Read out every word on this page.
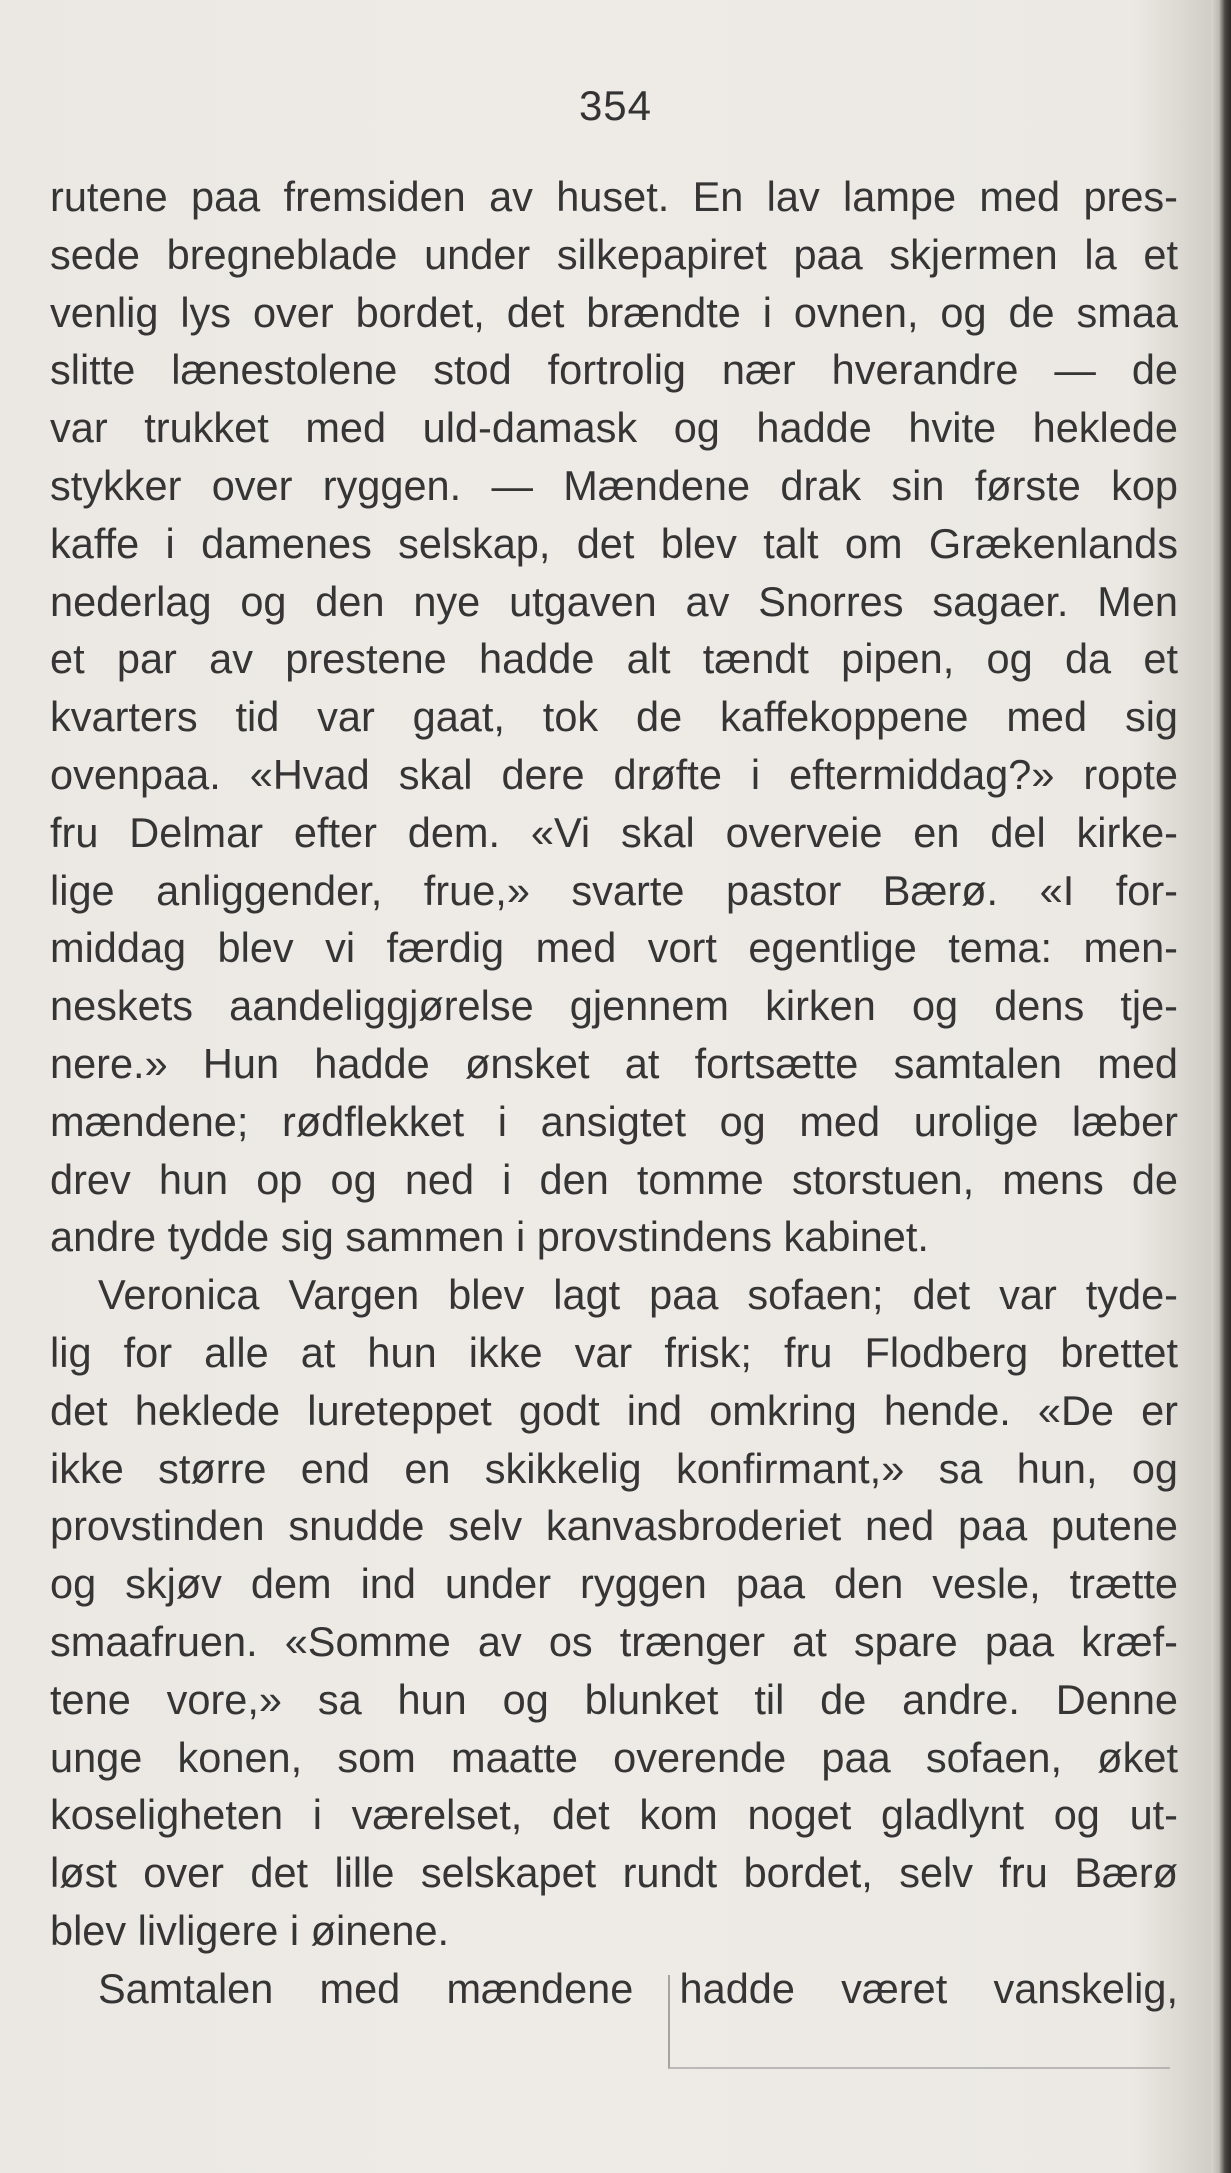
354
rutene paa fremsiden av huset. En lav lampe med pres-
sede bregneblade under silkepapiret paa skjermen la et
venlig lys over bordet, det brændte i ovnen, og de smaa
slitte lænestolene stod fortrolig nær hverandre — de
var trukket med uld-damask og hadde hvite heklede
stykker over ryggen. — Mændene drak sin første kop
kaffe i damenes selskap, det blev talt om Grækenlands
nederlag og den nye utgaven av Snorres sagaer. Men
et par av prestene hadde alt tændt pipen, og da et
kvarters tid var gaat, tok de kaffekoppene med sig
ovenpaa. «Hvad skal dere drøfte i eftermiddag?» ropte
fru Delmar efter dem. «Vi skal overveie en del kirke-
lige anliggender, frue,» svarte pastor Bærø. «I for-
middag blev vi færdig med vort egentlige tema: men-
neskets aandeliggjørelse gjennem kirken og dens tje-
nere.» Hun hadde ønsket at fortsætte samtalen med
mændene; rødflekket i ansigtet og med urolige læber
drev hun op og ned i den tomme storstuen, mens de
andre tydde sig sammen i provstindens kabinet.
Veronica Vargen blev lagt paa sofaen; det var tyde-
lig for alle at hun ikke var frisk; fru Flodberg brettet
det heklede lureteppet godt ind omkring hende. «De er
ikke større end en skikkelig konfirmant,» sa hun, og
provstinden snudde selv kanvasbroderiet ned paa putene
og skjøv dem ind under ryggen paa den vesle, trætte
smaafruen. «Somme av os trænger at spare paa kræf-
tene vore,» sa hun og blunket til de andre. Denne
unge konen, som maatte overende paa sofaen, øket
koseligheten i værelset, det kom noget gladlynt og ut-
løst over det lille selskapet rundt bordet, selv fru Bærø
blev livligere i øinene.
Samtalen med mændene hadde været vanskelig,
